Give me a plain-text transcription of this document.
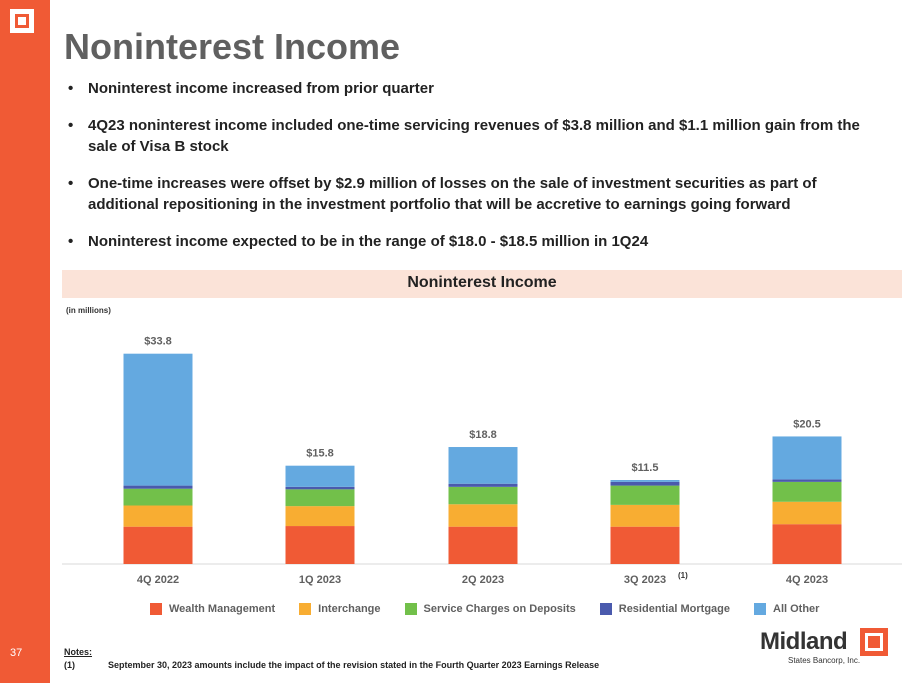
37
Noninterest Income
• Noninterest income increased from prior quarter
• 4Q23 noninterest income included one-time servicing revenues of $3.8 million and $1.1 million gain from the sale of Visa B stock
• One-time increases were offset by $2.9 million of losses on the sale of investment securities as part of additional repositioning in the investment portfolio that will be accretive to earnings going forward
• Noninterest income expected to be in the range of $18.0 - $18.5 million in 1Q24
Noninterest Income
(in millions)
$33.8
4Q 2022
$15.8
1Q 2023
$18.8
2Q 2023
$11.5
3Q 2023 (1)
$20.5
4Q 2023
Wealth Management	Interchange	Service Charges on Deposits	Residential Mortgage	All Other
Notes:
(1)	September 30, 2023 amounts include the impact of the revision stated in the Fourth Quarter 2023 Earnings Release
Midland
States Bancorp, Inc.
